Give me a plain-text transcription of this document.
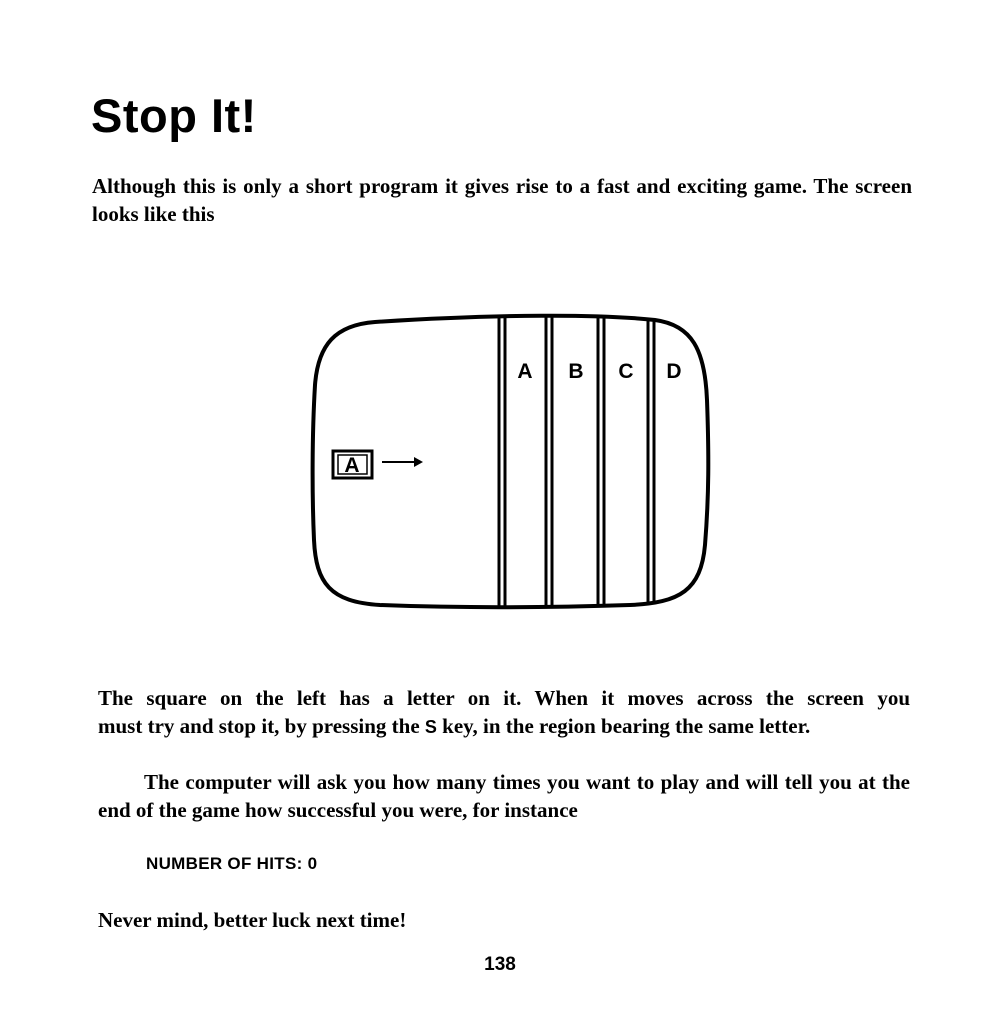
Stop It!

Although this is only a short program it gives rise to a fast and exciting game. The screen looks like this

A B C D
A
The square on the left has a letter on it. When it moves across the screen you
must try and stop it, by pressing the S key, in the region bearing the same letter.

The computer will ask you how many times you want to play and will tell you at the end of the game how successful you were, for instance

NUMBER OF HITS: 0

Never mind, better luck next time!

138
